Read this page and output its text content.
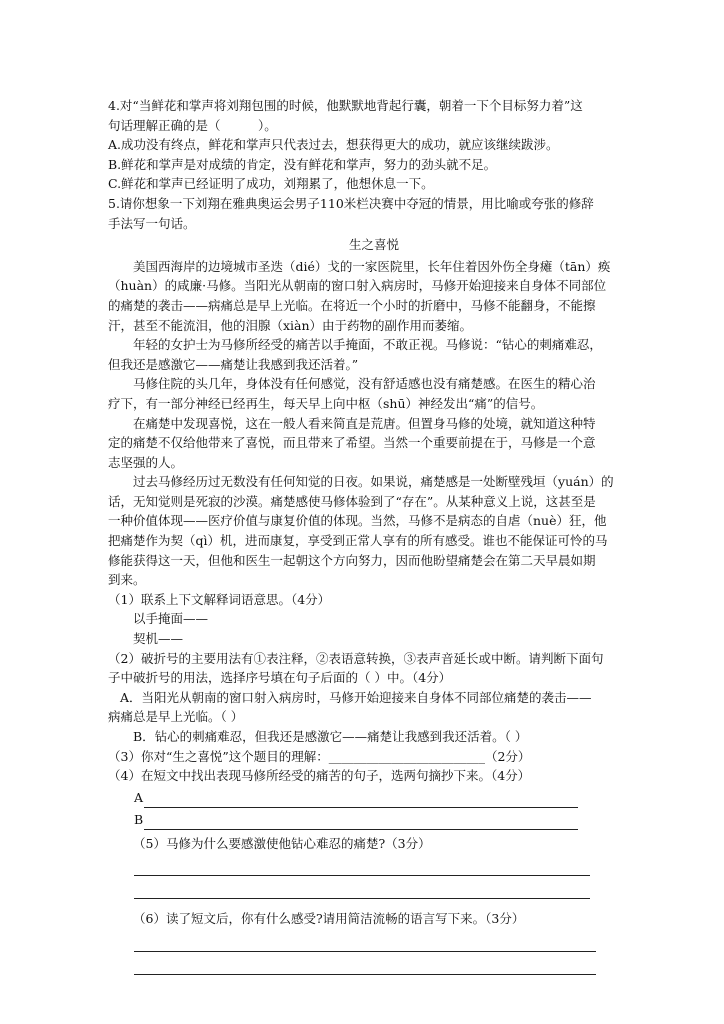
4.对“当鲜花和掌声将刘翔包围的时候，他默默地背起行囊，朝着一下个目标努力着”这

句话理解正确的是（　　　）。

A.成功没有终点，鲜花和掌声只代表过去，想获得更大的成功，就应该继续跋涉。

B.鲜花和掌声是对成绩的肯定，没有鲜花和掌声，努力的劲头就不足。

C.鲜花和掌声已经证明了成功，刘翔累了，他想休息一下。

5.请你想象一下刘翔在雅典奥运会男子110米栏决赛中夺冠的情景，用比喻或夸张的修辞

手法写一句话。

生之喜悦

美国西海岸的边境城市圣迭（dié）戈的一家医院里，长年住着因外伤全身瘫（tān）痪

（huàn）的咸廉·马修。当阳光从朝南的窗口射入病房时，马修开始迎接来自身体不同部位

的痛楚的袭击——病痛总是早上光临。在将近一个小时的折磨中，马修不能翻身，不能擦

汗，甚至不能流泪，他的泪腺（xiàn）由于药物的副作用而萎缩。

年轻的女护士为马修所经受的痛苦以手掩面，不敢正视。马修说：“钻心的刺痛难忍，

但我还是感激它——痛楚让我感到我还活着。”

马修住院的头几年，身体没有任何感觉，没有舒适感也没有痛楚感。在医生的精心治

疗下，有一部分神经已经再生，每天早上向中枢（shū）神经发出“痛”的信号。

在痛楚中发现喜悦，这在一般人看来简直是荒唐。但置身马修的处境，就知道这种特

定的痛楚不仅给他带来了喜悦，而且带来了希望。当然一个重要前提在于，马修是一个意

志坚强的人。

过去马修经历过无数没有任何知觉的日夜。如果说，痛楚感是一处断壁残垣（yuán）的

话，无知觉则是死寂的沙漠。痛楚感使马修体验到了“存在”。从某种意义上说，这甚至是

一种价值体现——医疗价值与康复价值的体现。当然，马修不是病态的自虐（nuè）狂，他

把痛楚作为契（qì）机，进而康复，享受到正常人享有的所有感受。谁也不能保证可怜的马

修能获得这一天，但他和医生一起朝这个方向努力，因而他盼望痛楚会在第二天早晨如期

到来。

（1）联系上下文解释词语意思。（4分）

以手掩面——

契机——

（2）破折号的主要用法有①表注释，②表语意转换，③表声音延长或中断。请判断下面句

子中破折号的用法，选择序号填在句子后面的（ ）中。（4分）

A．当阳光从朝南的窗口射入病房时，马修开始迎接来自身体不同部位痛楚的袭击——

病痛总是早上光临。（ ）

B．钻心的刺痛难忍，但我还是感激它——痛楚让我感到我还活着。（ ）

（3）你对“生之喜悦”这个题目的理解：_________________________（2分）

（4）在短文中找出表现马修所经受的痛苦的句子，选两句摘抄下来。（4分）

A
B

（5）马修为什么要感激使他钻心难忍的痛楚?（3分）

（6）读了短文后，你有什么感受?请用简洁流畅的语言写下来。（3分）
